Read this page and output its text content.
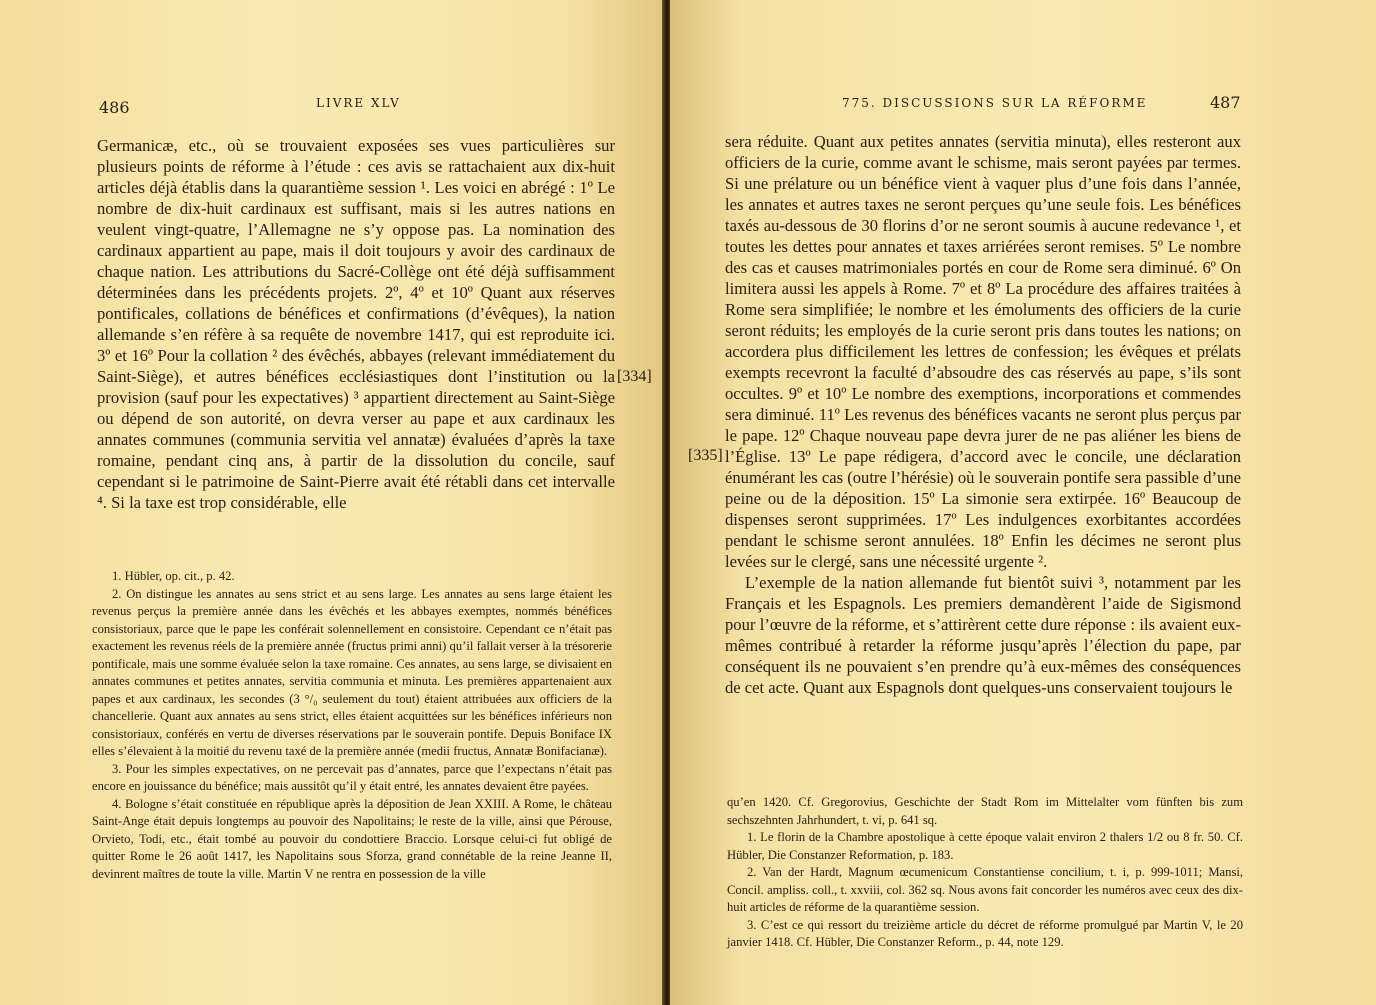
486	LIVRE XLV

Germanicæ, etc., où se trouvaient exposées ses vues particulières sur plusieurs points de réforme à l’étude : ces avis se rattachaient aux dix-huit articles déjà établis dans la quarantième session ¹. Les voici en abrégé : 1º Le nombre de dix-huit cardinaux est suffisant, mais si les autres nations en veulent vingt-quatre, l’Allemagne ne s’y oppose pas. La nomination des cardinaux appartient au pape, mais il doit toujours y avoir des cardinaux de chaque nation. Les attributions du Sacré-Collège ont été déjà suffisamment déterminées dans les précédents projets. 2º, 4º et 10º Quant aux réserves pontificales, collations de bénéfices et confirmations (d’évêques), la nation allemande s’en réfère à sa requête de novembre 1417, qui est reproduite ici. 3º et 16º Pour la collation ² des évêchés, abbayes (relevant immédiatement du Saint-Siège), et autres bénéfices ecclésiastiques dont l’institution ou la provision (sauf pour les expectatives) ³ appartient directement au Saint-Siège ou dépend de son autorité, on devra verser au pape et aux cardinaux les annates communes (communia servitia vel annatæ) évaluées d’après la taxe romaine, pendant cinq ans, à partir de la dissolution du concile, sauf cependant si le patrimoine de Saint-Pierre avait été rétabli dans cet intervalle ⁴. Si la taxe est trop considérable, elle

[334]

1. Hübler, op. cit., p. 42.

2. On distingue les annates au sens strict et au sens large. Les annates au sens large étaient les revenus perçus la première année dans les évêchés et les abbayes exemptes, nommés bénéfices consistoriaux, parce que le pape les conférait solennellement en consistoire. Cependant ce n’était pas exactement les revenus réels de la première année (fructus primi anni) qu’il fallait verser à la trésorerie pontificale, mais une somme évaluée selon la taxe romaine. Ces annates, au sens large, se divisaient en annates communes et petites annates, servitia communia et minuta. Les premières appartenaient aux papes et aux cardinaux, les secondes (3 °/₀ seulement du tout) étaient attribuées aux officiers de la chancellerie. Quant aux annates au sens strict, elles étaient acquittées sur les bénéfices inférieurs non consistoriaux, conférés en vertu de diverses réservations par le souverain pontife. Depuis Boniface IX elles s’élevaient à la moitié du revenu taxé de la première année (medii fructus, Annatæ Bonifacianæ).

3. Pour les simples expectatives, on ne percevait pas d’annates, parce que l’expectans n’était pas encore en jouissance du bénéfice; mais aussitôt qu’il y était entré, les annates devaient être payées.

4. Bologne s’était constituée en république après la déposition de Jean XXIII. A Rome, le château Saint-Ange était depuis longtemps au pouvoir des Napolitains; le reste de la ville, ainsi que Pérouse, Orvieto, Todi, etc., était tombé au pouvoir du condottiere Braccio. Lorsque celui-ci fut obligé de quitter Rome le 26 août 1417, les Napolitains sous Sforza, grand connétable de la reine Jeanne II, devinrent maîtres de toute la ville. Martin V ne rentra en possession de la ville

775. DISCUSSIONS SUR LA RÉFORME	487
[335]

sera réduite. Quant aux petites annates (servitia minuta), elles resteront aux officiers de la curie, comme avant le schisme, mais seront payées par termes. Si une prélature ou un bénéfice vient à vaquer plus d’une fois dans l’année, les annates et autres taxes ne seront perçues qu’une seule fois. Les bénéfices taxés au-dessous de 30 florins d’or ne seront soumis à aucune redevance ¹, et toutes les dettes pour annates et taxes arriérées seront remises. 5º Le nombre des cas et causes matrimoniales portés en cour de Rome sera diminué. 6º On limitera aussi les appels à Rome. 7º et 8º La procédure des affaires traitées à Rome sera simplifiée; le nombre et les émoluments des officiers de la curie seront réduits; les employés de la curie seront pris dans toutes les nations; on accordera plus difficilement les lettres de confession; les évêques et prélats exempts recevront la faculté d’absoudre des cas réservés au pape, s’ils sont occultes. 9º et 10º Le nombre des exemptions, incorporations et commendes sera diminué. 11º Les revenus des bénéfices vacants ne seront plus perçus par le pape. 12º Chaque nouveau pape devra jurer de ne pas aliéner les biens de l’Église. 13º Le pape rédigera, d’accord avec le concile, une déclaration énumérant les cas (outre l’hérésie) où le souverain pontife sera passible d’une peine ou de la déposition. 15º La simonie sera extirpée. 16º Beaucoup de dispenses seront supprimées. 17º Les indulgences exorbitantes accordées pendant le schisme seront annulées. 18º Enfin les décimes ne seront plus levées sur le clergé, sans une nécessité urgente ².

L’exemple de la nation allemande fut bientôt suivi ³, notamment par les Français et les Espagnols. Les premiers demandèrent l’aide de Sigismond pour l’œuvre de la réforme, et s’attirèrent cette dure réponse : ils avaient eux-mêmes contribué à retarder la réforme jusqu’après l’élection du pape, par conséquent ils ne pouvaient s’en prendre qu’à eux-mêmes des conséquences de cet acte. Quant aux Espagnols dont quelques-uns conservaient toujours le

qu’en 1420. Cf. Gregorovius, Geschichte der Stadt Rom im Mittelalter vom fünften bis zum sechszehnten Jahrhundert, t. vi, p. 641 sq.

1. Le florin de la Chambre apostolique à cette époque valait environ 2 thalers 1/2 ou 8 fr. 50. Cf. Hübler, Die Constanzer Reformation, p. 183.

2. Van der Hardt, Magnum œcumenicum Constantiense concilium, t. i, p. 999-1011; Mansi, Concil. ampliss. coll., t. xxviii, col. 362 sq. Nous avons fait concorder les numéros avec ceux des dix-huit articles de réforme de la quarantième session.

3. C’est ce qui ressort du treizième article du décret de réforme promulgué par Martin V, le 20 janvier 1418. Cf. Hübler, Die Constanzer Reform., p. 44, note 129.
